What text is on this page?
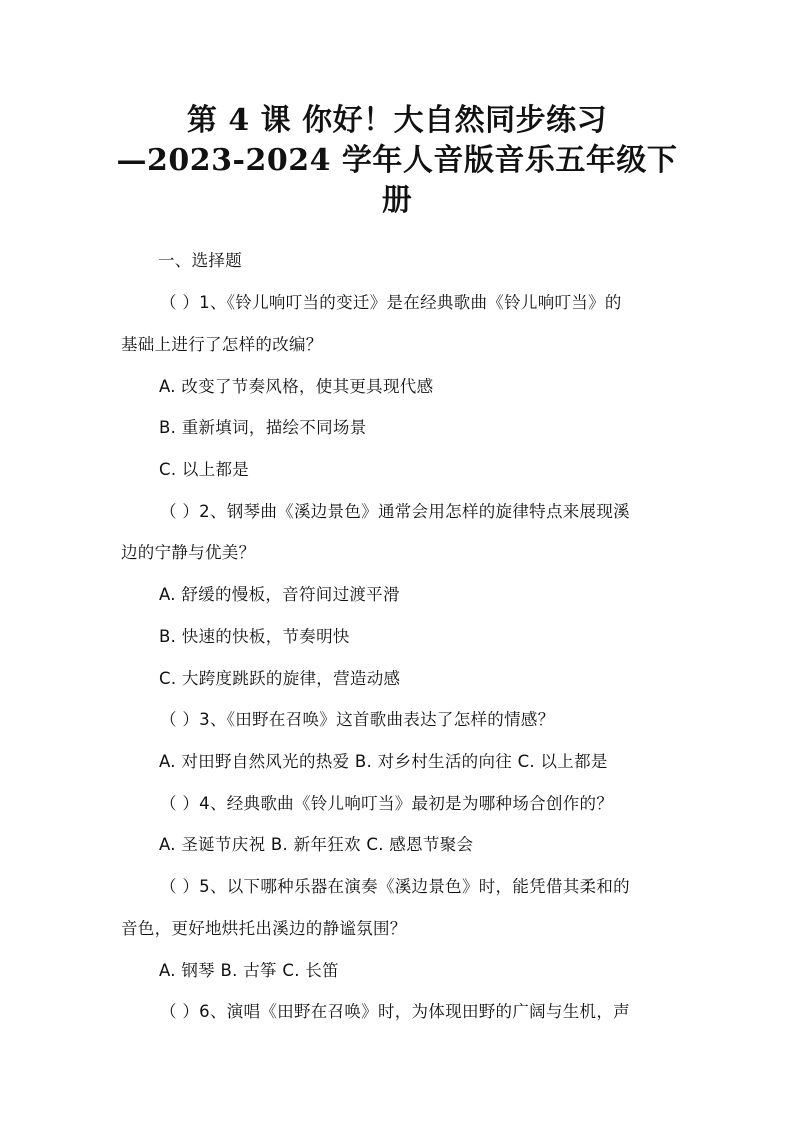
第 4 课 你好！大自然同步练习
—2023-2024 学年人音版音乐五年级下
册
一、选择题
（ ）1、《铃儿响叮当的变迁》是在经典歌曲《铃儿响叮当》的
基础上进行了怎样的改编？
A. 改变了节奏风格，使其更具现代感
B. 重新填词，描绘不同场景
C. 以上都是
（ ）2、钢琴曲《溪边景色》通常会用怎样的旋律特点来展现溪
边的宁静与优美？
A. 舒缓的慢板，音符间过渡平滑
B. 快速的快板，节奏明快
C. 大跨度跳跃的旋律，营造动感
（ ）3、《田野在召唤》这首歌曲表达了怎样的情感？
A. 对田野自然风光的热爱 B. 对乡村生活的向往 C. 以上都是
（ ）4、经典歌曲《铃儿响叮当》最初是为哪种场合创作的？
A. 圣诞节庆祝 B. 新年狂欢 C. 感恩节聚会
（ ）5、以下哪种乐器在演奏《溪边景色》时，能凭借其柔和的
音色，更好地烘托出溪边的静谧氛围？
A. 钢琴 B. 古筝 C. 长笛
（ ）6、演唱《田野在召唤》时，为体现田野的广阔与生机，声
